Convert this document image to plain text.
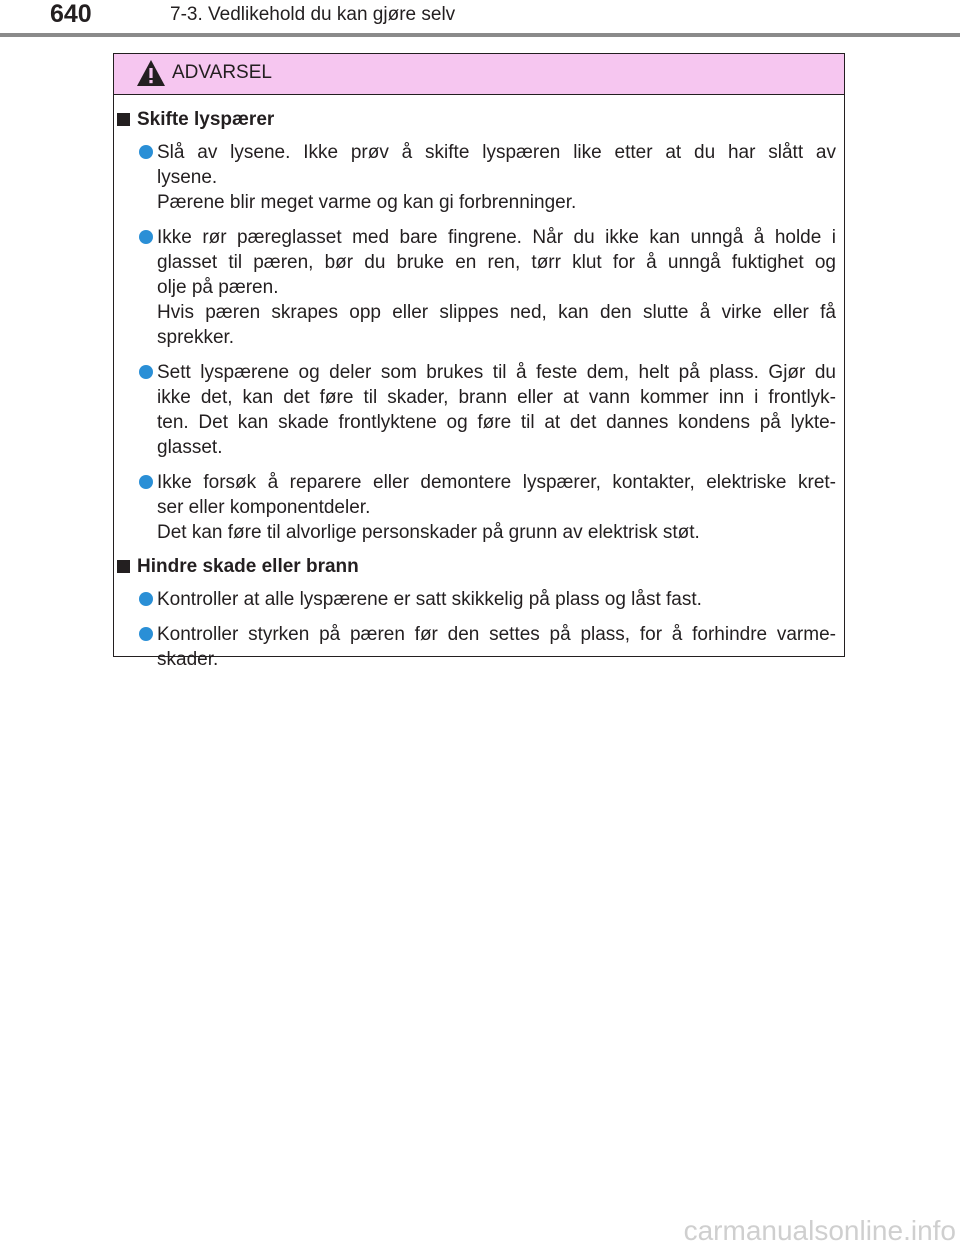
640	7-3. Vedlikehold du kan gjøre selv
ADVARSEL
Skifte lyspærer
Slå av lysene. Ikke prøv å skifte lyspæren like etter at du har slått av
lysene.
Pærene blir meget varme og kan gi forbrenninger.
Ikke rør pæreglasset med bare fingrene. Når du ikke kan unngå å holde i
glasset til pæren, bør du bruke en ren, tørr klut for å unngå fuktighet og
olje på pæren.
Hvis pæren skrapes opp eller slippes ned, kan den slutte å virke eller få
sprekker.
Sett lyspærene og deler som brukes til å feste dem, helt på plass. Gjør du
ikke det, kan det føre til skader, brann eller at vann kommer inn i frontlyk-
ten. Det kan skade frontlyktene og føre til at det dannes kondens på lykte-
glasset.
Ikke forsøk å reparere eller demontere lyspærer, kontakter, elektriske kret-
ser eller komponentdeler.
Det kan føre til alvorlige personskader på grunn av elektrisk støt.
Hindre skade eller brann
Kontroller at alle lyspærene er satt skikkelig på plass og låst fast.
Kontroller styrken på pæren før den settes på plass, for å forhindre varme-
skader.
carmanualsonline.info
